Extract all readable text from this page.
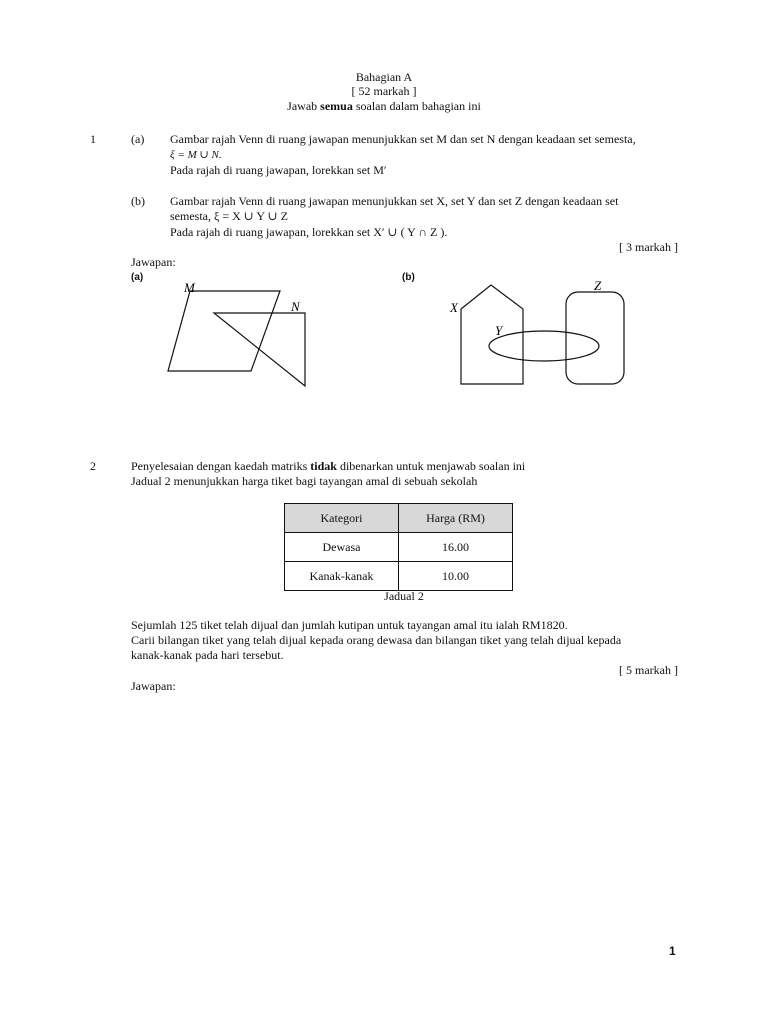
Bahagian A
[ 52 markah ]
Jawab semua soalan dalam bahagian ini
1	(a) Gambar rajah Venn di ruang jawapan menunjukkan set M dan set N dengan keadaan set semesta,
ξ = M ∪ N.
Pada rajah di ruang jawapan, lorekkan set M′
(b) Gambar rajah Venn di ruang jawapan menunjukkan set X, set Y dan set Z dengan keadaan set
semesta, ξ = X ∪ Y ∪ Z
Pada rajah di ruang jawapan, lorekkan set X′ ∪ ( Y ∩ Z ).
[ 3 markah ]
Jawapan:
(a)	(b)
M
N	X
Y
Z
2	Penyelesaian dengan kaedah matriks tidak dibenarkan untuk menjawab soalan ini
Jadual 2 menunjukkan harga tiket bagi tayangan amal di sebuah sekolah
Kategori	Harga (RM)
Dewasa	16.00
Kanak-kanak	10.00
Jadual 2
Sejumlah 125 tiket telah dijual dan jumlah kutipan untuk tayangan amal itu ialah RM1820.
Carii bilangan tiket yang telah dijual kepada orang dewasa dan bilangan tiket yang telah dijual kepada
kanak-kanak pada hari tersebut.
[ 5 markah ]
Jawapan:
1
